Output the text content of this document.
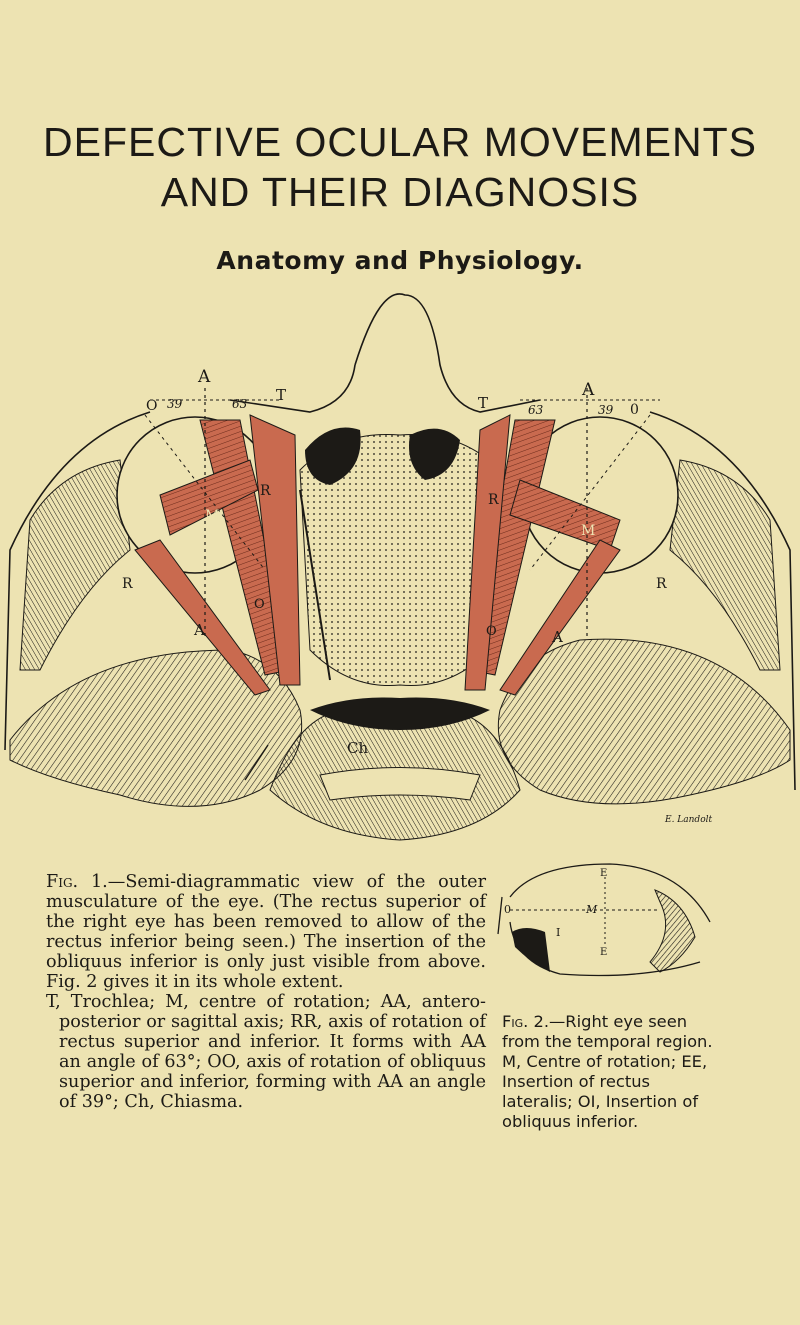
DEFECTIVE OCULAR MOVEMENTS
AND THEIR DIAGNOSIS
Anatomy and Physiology.
A
A
O 39	63 T	T	63	39 0
R
R
R
R
M
M
O
O
A	A
Ch
E. Landolt

Fig. 1.—Semi-diagrammatic view of the outer musculature of the eye. (The rectus superior of the right eye has been removed to allow of the rectus inferior being seen.) The insertion of the obliquus inferior is only just visible from above. Fig. 2 gives it in its whole extent.

T, Trochlea; M, centre of rotation; AA, antero-posterior or sagittal axis; RR, axis of rotation of rectus superior and inferior. It forms with AA an angle of 63°; OO, axis of rotation of obliquus superior and inferior, forming with AA an angle of 39°; Ch, Chiasma.

0	M
E
I
E

Fig. 2.—Right eye seen from the temporal region. M, Centre of rotation; EE, Insertion of rectus lateralis; OI, Insertion of obliquus inferior.
